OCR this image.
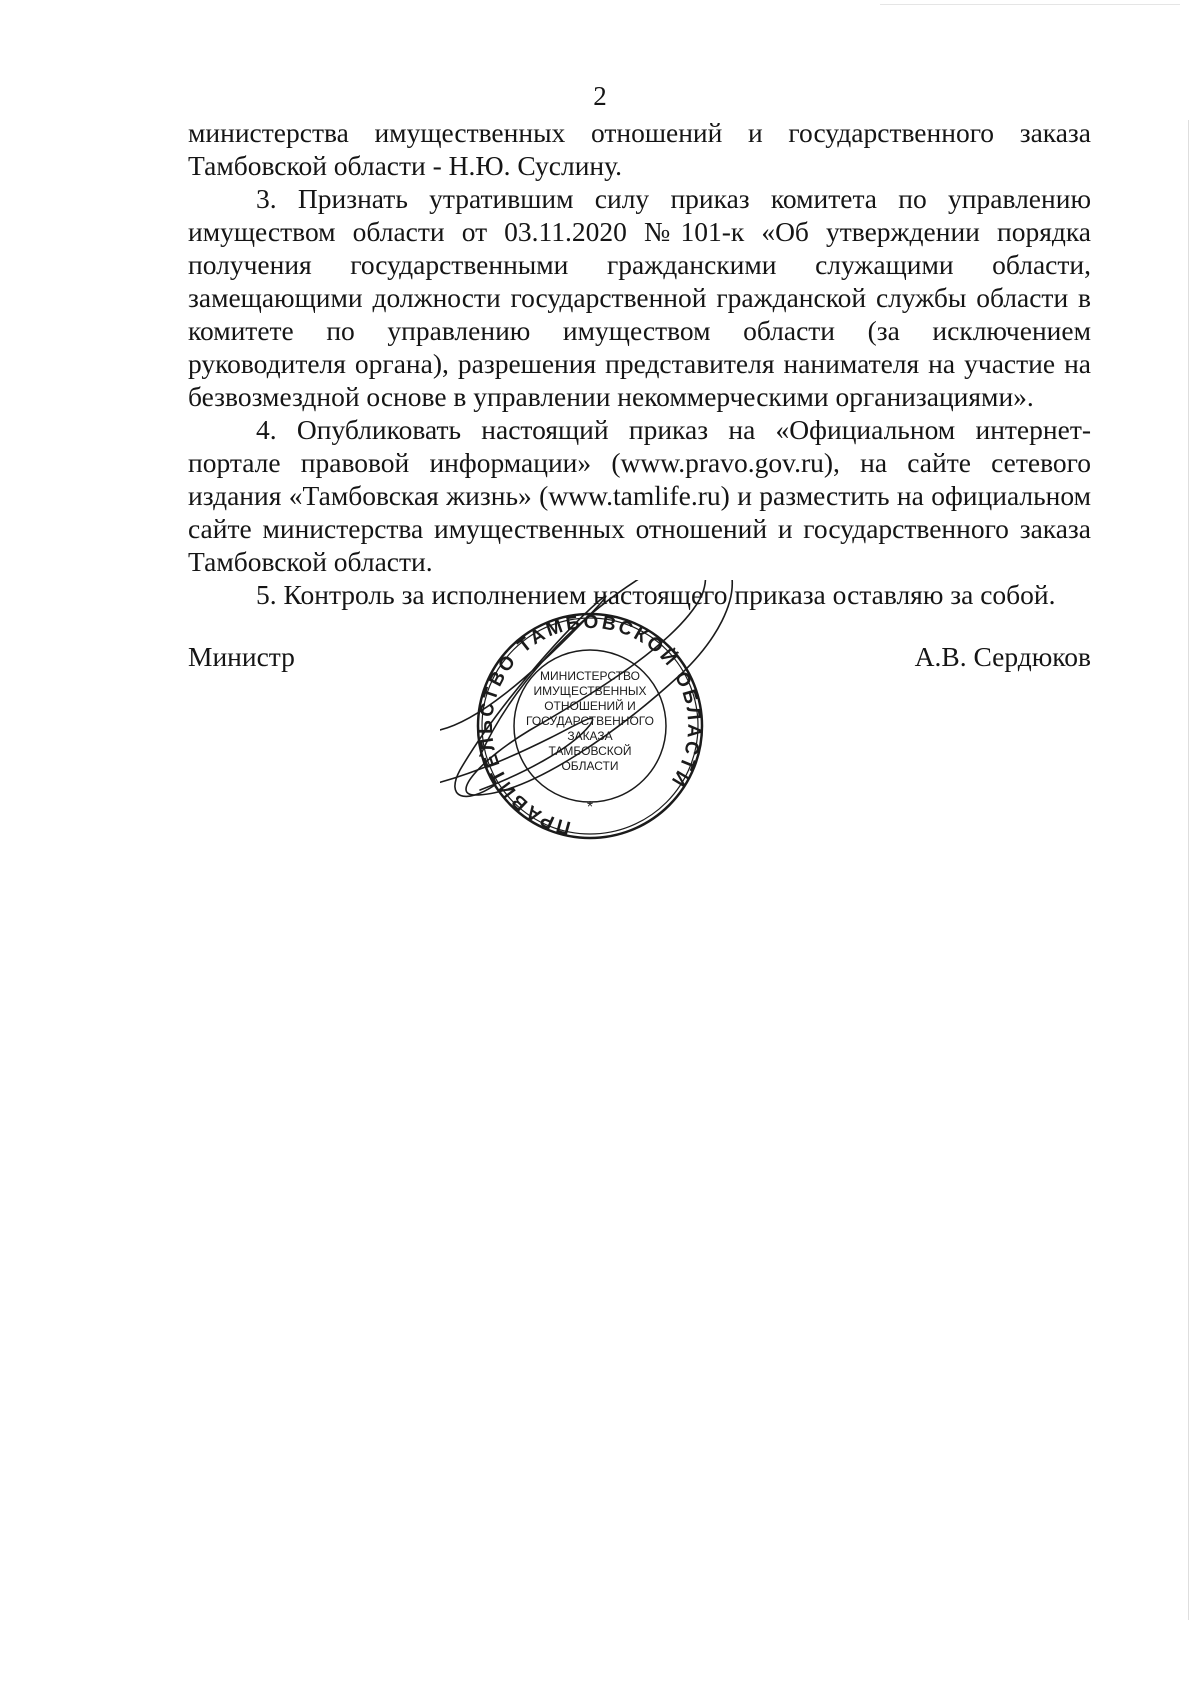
2

министерства имущественных отношений и государственного заказа Тамбовской области - Н.Ю. Суслину.

3. Признать утратившим силу приказ комитета по управлению имуществом области от 03.11.2020 №101-к «Об утверждении порядка получения государственными гражданскими служащими области, замещающими должности государственной гражданской службы области в комитете по управлению имуществом области (за исключением руководителя органа), разрешения представителя нанимателя на участие на безвозмездной основе в управлении некоммерческими организациями».

4. Опубликовать настоящий приказ на «Официальном интернет-портале правовой информации» (www.pravo.gov.ru), на сайте сетевого издания «Тамбовская жизнь» (www.tamlife.ru) и разместить на официальном сайте министерства имущественных отношений и государственного заказа Тамбовской области.

5. Контроль за исполнением настоящего приказа оставляю за собой.

Министр	А.В. Сердюков
ПРАВИТЕЛЬСТВО ТАМБОВСКОЙ ОБЛАСТИ
МИНИСТЕРСТВО
ИМУЩЕСТВЕННЫХ
ОТНОШЕНИЙ И
ГОСУДАРСТВЕННОГО
ЗАКАЗА
ТАМБОВСКОЙ
ОБЛАСТИ
*
